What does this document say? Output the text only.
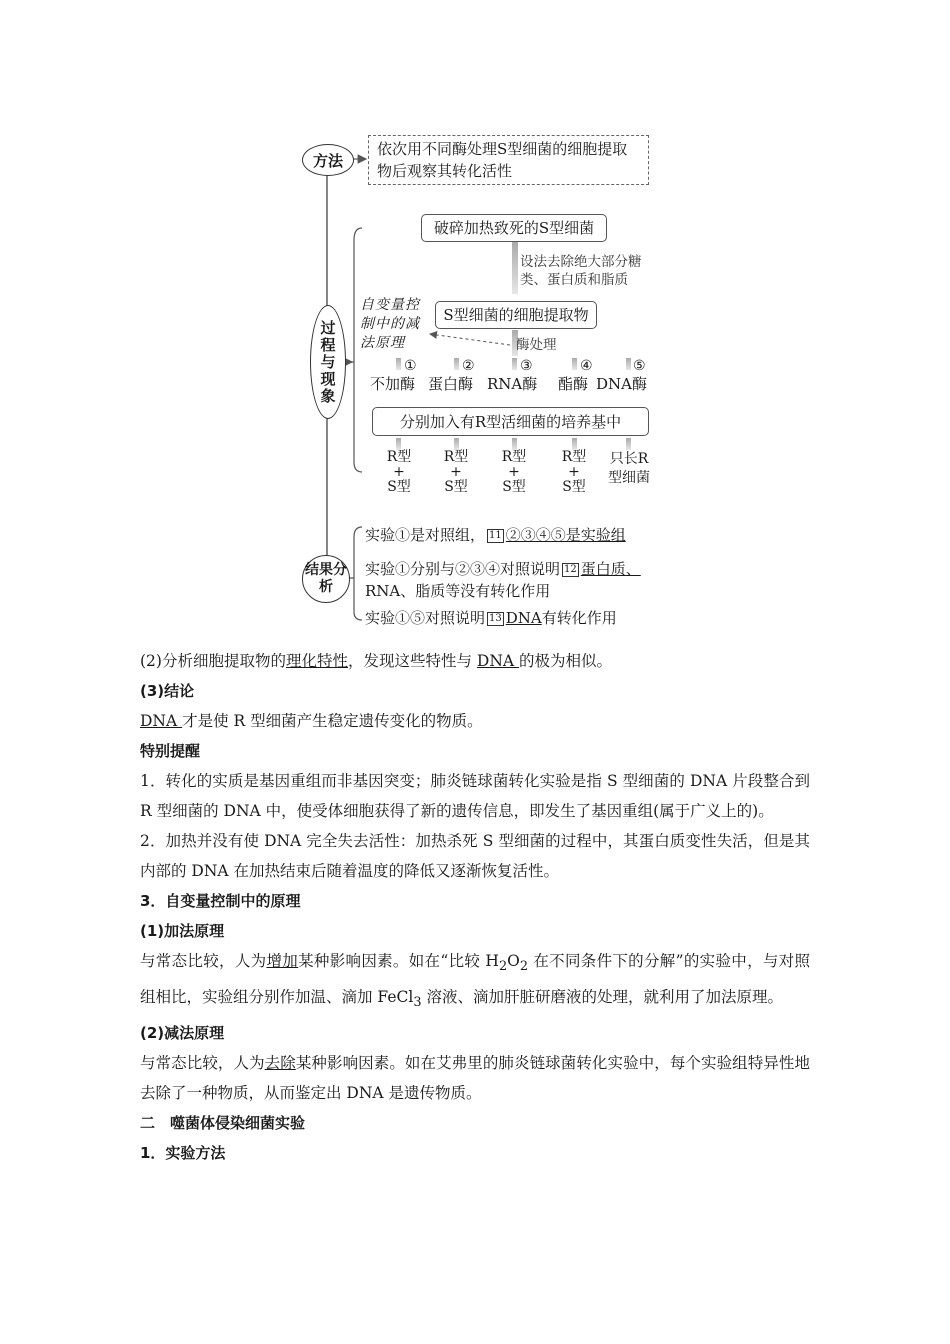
方法
依次用不同酶处理S型细菌的细胞提取
物后观察其转化活性
过程与现象
破碎加热致死的S型细菌
设法去除绝大部分糖
类、蛋白质和脂质
S型细菌的细胞提取物
酶处理
自变量控制中的减法原理
①	②	③	④	⑤
不加酶 蛋白酶 RNA酶 酯酶 DNA酶
分别加入有R型活细菌的培养基中
R型
+
S型
R型
+
S型
R型
+
S型
R型
+
S型
只长R
型细菌
结果分析
实验①是对照组， 11 ②③④⑤是实验组
实验①分别与②③④对照说明 12 蛋白质、
RNA、脂质等没有转化作用
实验①⑤对照说明 13 DNA有转化作用

(2)分析细胞提取物的理化特性，发现这些特性与 DNA 的极为相似。

(3)结论

DNA 才是使 R 型细菌产生稳定遗传变化的物质。

特别提醒

1．转化的实质是基因重组而非基因突变；肺炎链球菌转化实验是指 S 型细菌的 DNA 片段整合到 R 型细菌的 DNA 中，使受体细胞获得了新的遗传信息，即发生了基因重组(属于广义上的)。

2．加热并没有使 DNA 完全失去活性：加热杀死 S 型细菌的过程中，其蛋白质变性失活，但是其内部的 DNA 在加热结束后随着温度的降低又逐渐恢复活性。

3．自变量控制中的原理

(1)加法原理

与常态比较，人为增加某种影响因素。如在“比较 $H_2O_2$ 在不同条件下的分解”的实验中，与对照组相比，实验组分别作加温、滴加 FeCl$_3$ 溶液、滴加肝脏研磨液的处理，就利用了加法原理。

(2)减法原理

与常态比较，人为去除某种影响因素。如在艾弗里的肺炎链球菌转化实验中，每个实验组特异性地去除了一种物质，从而鉴定出 DNA 是遗传物质。

二　噬菌体侵染细菌实验

1．实验方法
